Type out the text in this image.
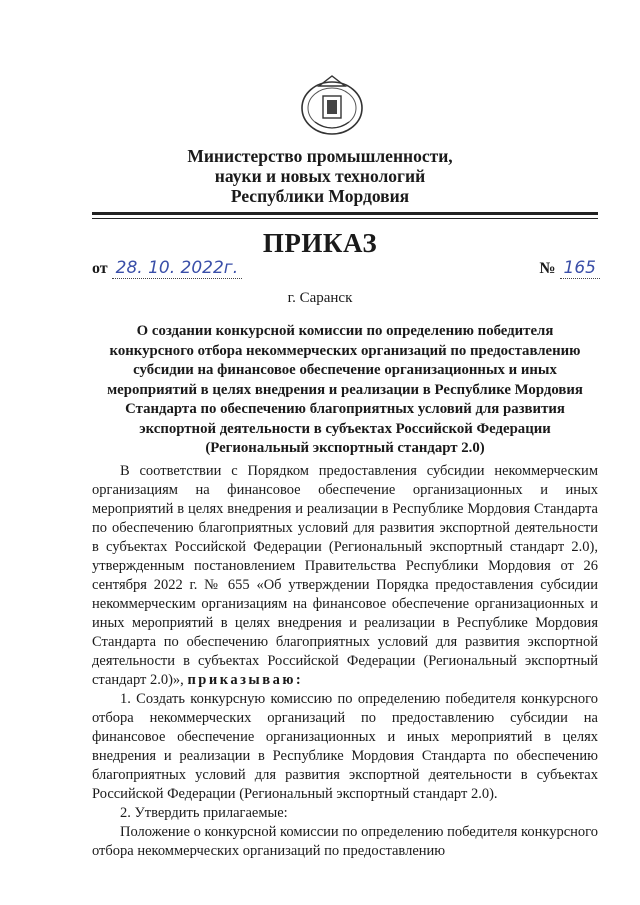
Министерство промышленности,
науки и новых технологий
Республики Мордовия
ПРИКАЗ
от 28. 10. 2022г.	№ 165
г. Саранск
О создании конкурсной комиссии по определению победителя
конкурсного отбора некоммерческих организаций по предоставлению
субсидии на финансовое обеспечение организационных и иных
мероприятий в целях внедрения и реализации в Республике Мордовия
Стандарта по обеспечению благоприятных условий для развития
экспортной деятельности в субъектах Российской Федерации
(Региональный экспортный стандарт 2.0)

В соответствии с Порядком предоставления субсидии некоммерческим организациям на финансовое обеспечение организационных и иных мероприятий в целях внедрения и реализации в Республике Мордовия Стандарта по обеспечению благоприятных условий для развития экспортной деятельности в субъектах Российской Федерации (Региональный экспортный стандарт 2.0), утвержденным постановлением Правительства Республики Мордовия от 26 сентября 2022 г. № 655 «Об утверждении Порядка предоставления субсидии некоммерческим организациям на финансовое обеспечение организационных и иных мероприятий в целях внедрения и реализации в Республике Мордовия Стандарта по обеспечению благоприятных условий для развития экспортной деятельности в субъектах Российской Федерации (Региональный экспортный стандарт 2.0)», приказываю:

1. Создать конкурсную комиссию по определению победителя конкурсного отбора некоммерческих организаций по предоставлению субсидии на финансовое обеспечение организационных и иных мероприятий в целях внедрения и реализации в Республике Мордовия Стандарта по обеспечению благоприятных условий для развития экспортной деятельности в субъектах Российской Федерации (Региональный экспортный стандарт 2.0).

2. Утвердить прилагаемые:

Положение о конкурсной комиссии по определению победителя конкурсного отбора некоммерческих организаций по предоставлению
